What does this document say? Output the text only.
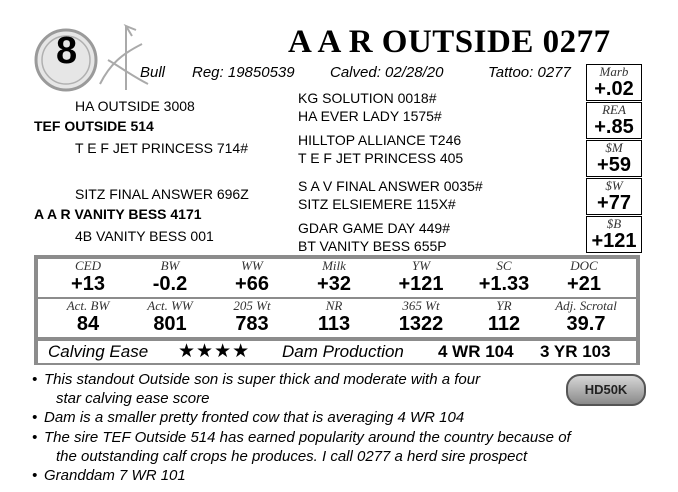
8	A A R OUTSIDE 0277
Bull Reg: 19850539 Calved: 02/28/20	Tattoo: 0277
HA OUTSIDE 3008
TEF OUTSIDE 514
T E F JET PRINCESS 714#
SITZ FINAL ANSWER 696Z
A A R VANITY BESS 4171
4B VANITY BESS 001
KG SOLUTION 0018#
HA EVER LADY 1575#
HILLTOP ALLIANCE T246
T E F JET PRINCESS 405
S A V FINAL ANSWER 0035#
SITZ ELSIEMERE 115X#
GDAR GAME DAY 449#
BT VANITY BESS 655P
Marb
+.02
REA
+.85
$M
+59
$W
+77
$B
+121
CED
+13
BW
-0.2
WW
+66
Milk
+32
YW
+121
SC
+1.33
DOC
+21
Act. BW
84
Act. WW
801
205 Wt
783
NR
113
365 Wt
1322
YR
112
Adj. Scrotal
39.7
Calving Ease ★★★★ Dam Production 4 WR 104 3 YR 103
• This standout Outside son is super thick and moderate with a four
star calving ease score
• Dam is a smaller pretty fronted cow that is averaging 4 WR 104
• The sire TEF Outside 514 has earned popularity around the country because of
the outstanding calf crops he produces. I call 0277 a herd sire prospect
• Granddam 7 WR 101
HD50K
